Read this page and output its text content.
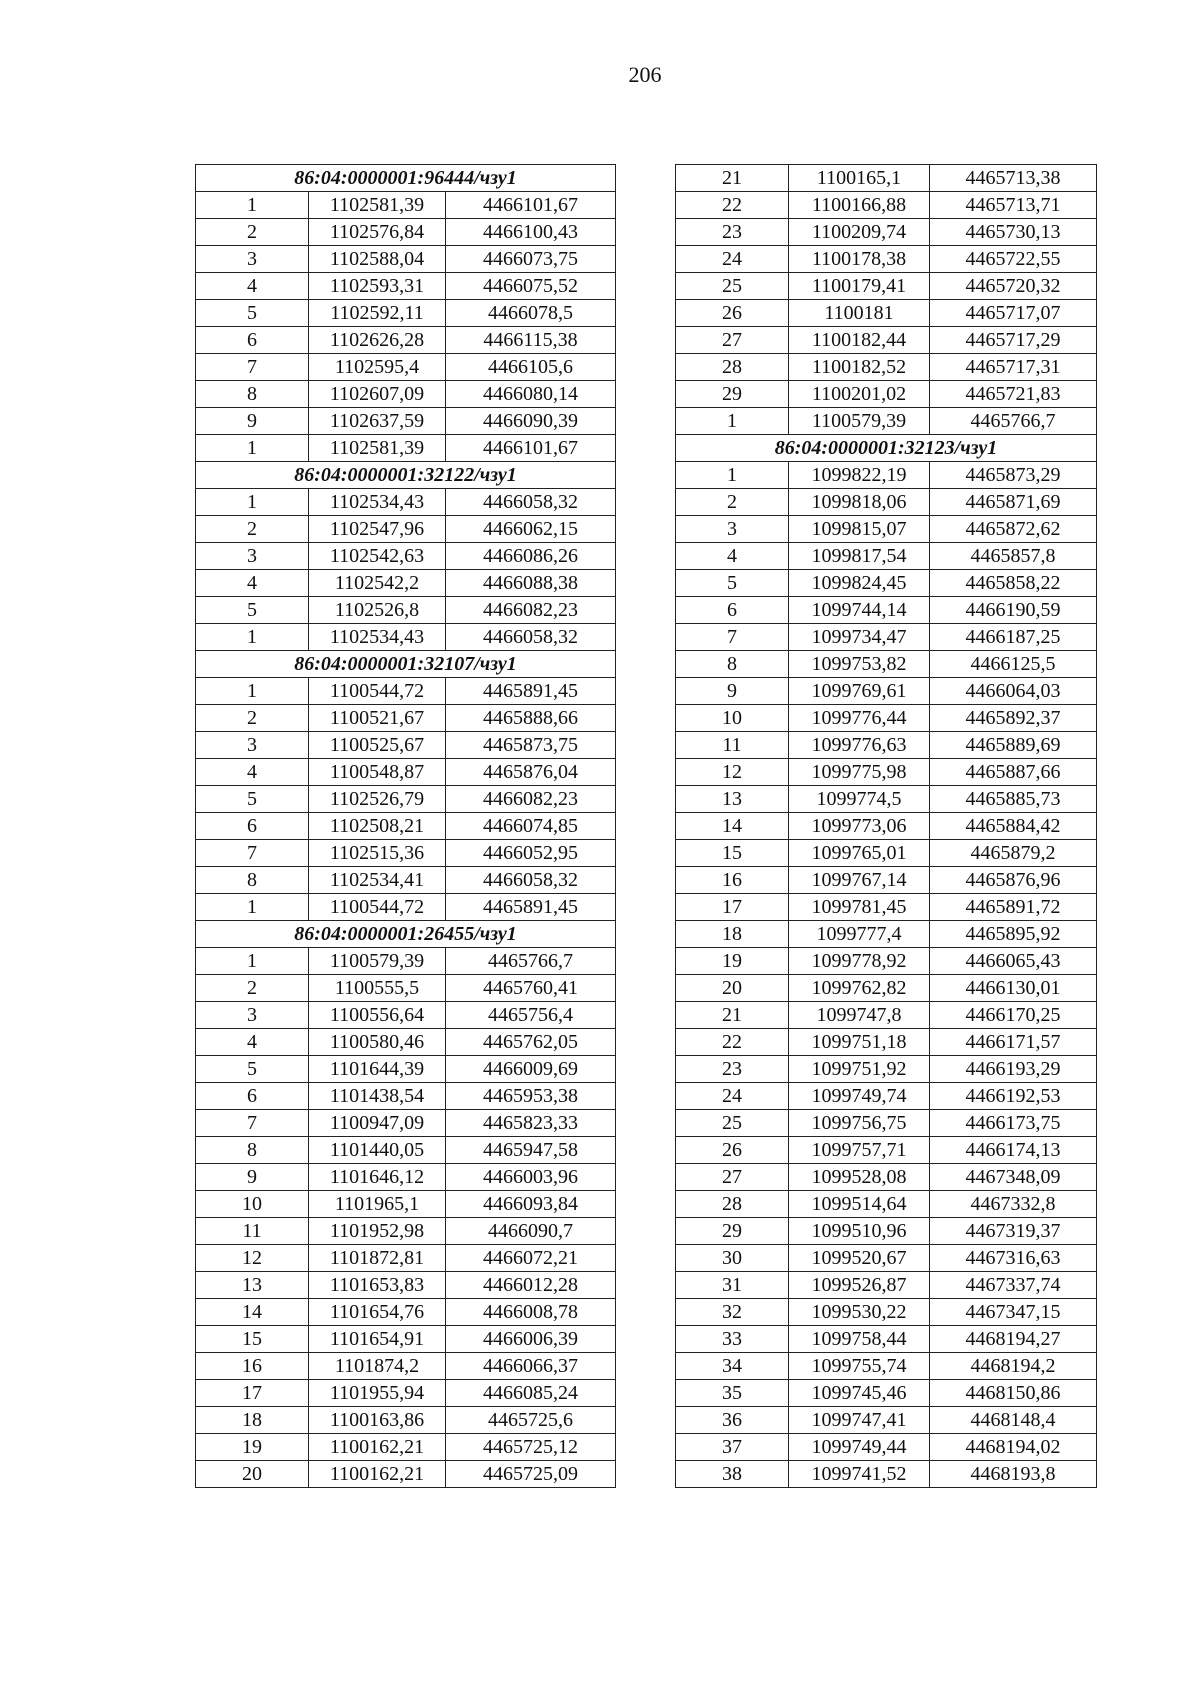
206
86:04:0000001:96444/чзу1		
1	1102581,39	4466101,67
2	1102576,84	4466100,43
3	1102588,04	4466073,75
4	1102593,31	4466075,52
5	1102592,11	4466078,5
6	1102626,28	4466115,38
7	1102595,4	4466105,6
8	1102607,09	4466080,14
9	1102637,59	4466090,39
1	1102581,39	4466101,67
86:04:0000001:32122/чзу1		
1	1102534,43	4466058,32
2	1102547,96	4466062,15
3	1102542,63	4466086,26
4	1102542,2	4466088,38
5	1102526,8	4466082,23
1	1102534,43	4466058,32
86:04:0000001:32107/чзу1		
1	1100544,72	4465891,45
2	1100521,67	4465888,66
3	1100525,67	4465873,75
4	1100548,87	4465876,04
5	1102526,79	4466082,23
6	1102508,21	4466074,85
7	1102515,36	4466052,95
8	1102534,41	4466058,32
1	1100544,72	4465891,45
86:04:0000001:26455/чзу1		
1	1100579,39	4465766,7
2	1100555,5	4465760,41
3	1100556,64	4465756,4
4	1100580,46	4465762,05
5	1101644,39	4466009,69
6	1101438,54	4465953,38
7	1100947,09	4465823,33
8	1101440,05	4465947,58
9	1101646,12	4466003,96
10	1101965,1	4466093,84
11	1101952,98	4466090,7
12	1101872,81	4466072,21
13	1101653,83	4466012,28
14	1101654,76	4466008,78
15	1101654,91	4466006,39
16	1101874,2	4466066,37
17	1101955,94	4466085,24
18	1100163,86	4465725,6
19	1100162,21	4465725,12
20	1100162,21	4465725,09
21	1100165,1	4465713,38
22	1100166,88	4465713,71
23	1100209,74	4465730,13
24	1100178,38	4465722,55
25	1100179,41	4465720,32
26	1100181	4465717,07
27	1100182,44	4465717,29
28	1100182,52	4465717,31
29	1100201,02	4465721,83
1	1100579,39	4465766,7
86:04:0000001:32123/чзу1		
1	1099822,19	4465873,29
2	1099818,06	4465871,69
3	1099815,07	4465872,62
4	1099817,54	4465857,8
5	1099824,45	4465858,22
6	1099744,14	4466190,59
7	1099734,47	4466187,25
8	1099753,82	4466125,5
9	1099769,61	4466064,03
10	1099776,44	4465892,37
11	1099776,63	4465889,69
12	1099775,98	4465887,66
13	1099774,5	4465885,73
14	1099773,06	4465884,42
15	1099765,01	4465879,2
16	1099767,14	4465876,96
17	1099781,45	4465891,72
18	1099777,4	4465895,92
19	1099778,92	4466065,43
20	1099762,82	4466130,01
21	1099747,8	4466170,25
22	1099751,18	4466171,57
23	1099751,92	4466193,29
24	1099749,74	4466192,53
25	1099756,75	4466173,75
26	1099757,71	4466174,13
27	1099528,08	4467348,09
28	1099514,64	4467332,8
29	1099510,96	4467319,37
30	1099520,67	4467316,63
31	1099526,87	4467337,74
32	1099530,22	4467347,15
33	1099758,44	4468194,27
34	1099755,74	4468194,2
35	1099745,46	4468150,86
36	1099747,41	4468148,4
37	1099749,44	4468194,02
38	1099741,52	4468193,8
